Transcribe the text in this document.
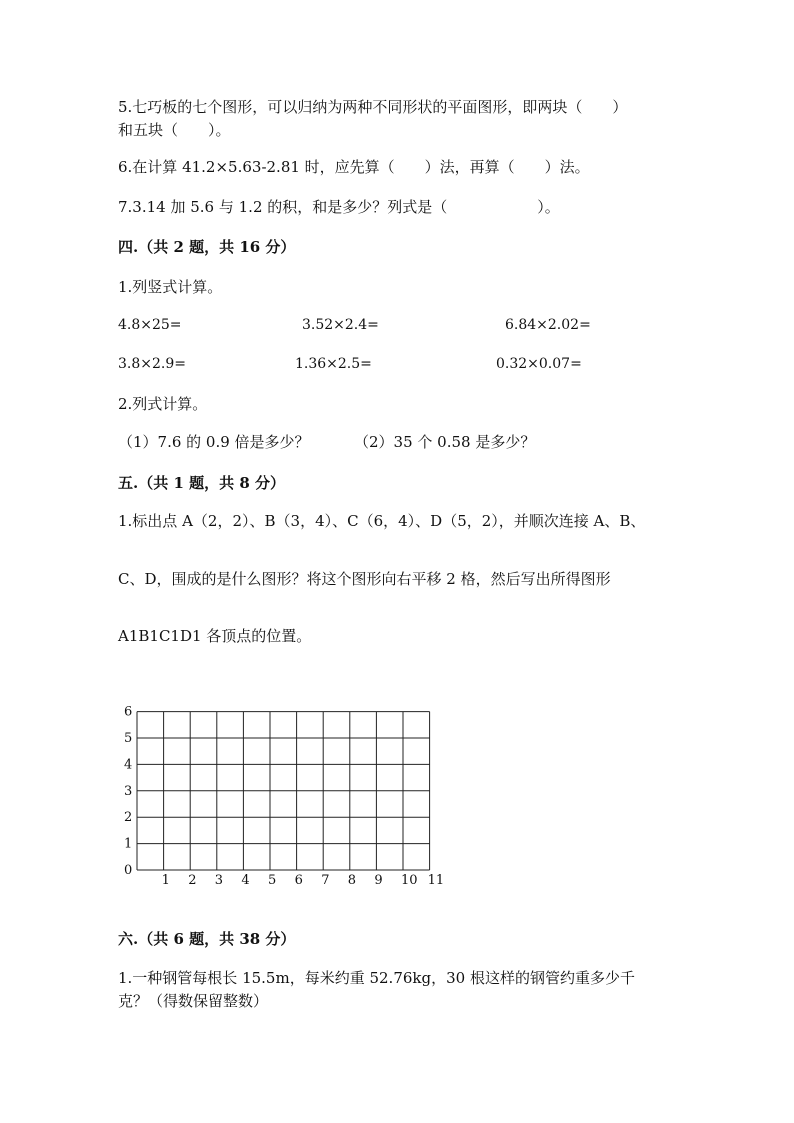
5.七巧板的七个图形，可以归纳为两种不同形状的平面图形，即两块（　　）
和五块（　　）。
6.在计算 41.2×5.63-2.81 时，应先算（　　）法，再算（　　）法。
7.3.14 加 5.6 与 1.2 的积，和是多少？列式是（　　　　　　）。
四.（共 2 题，共 16 分）
1.列竖式计算。
4.8×25=	3.52×2.4=	6.84×2.02=
3.8×2.9=	1.36×2.5=	0.32×0.07=
2.列式计算。
（1）7.6 的 0.9 倍是多少？	（2）35 个 0.58 是多少？
五.（共 1 题，共 8 分）
1.标出点 A（2，2）、B（3，4）、C（6，4）、D（5，2），并顺次连接 A、B、
C、D，围成的是什么图形？将这个图形向右平移 2 格，然后写出所得图形
A1B1C1D1 各顶点的位置。
1 2 3 4 5 6 7 8 9 10 11
0
1
2
3
4
5
6
六.（共 6 题，共 38 分）
1.一种钢管每根长 15.5m，每米约重 52.76kg，30 根这样的钢管约重多少千
克？（得数保留整数）
